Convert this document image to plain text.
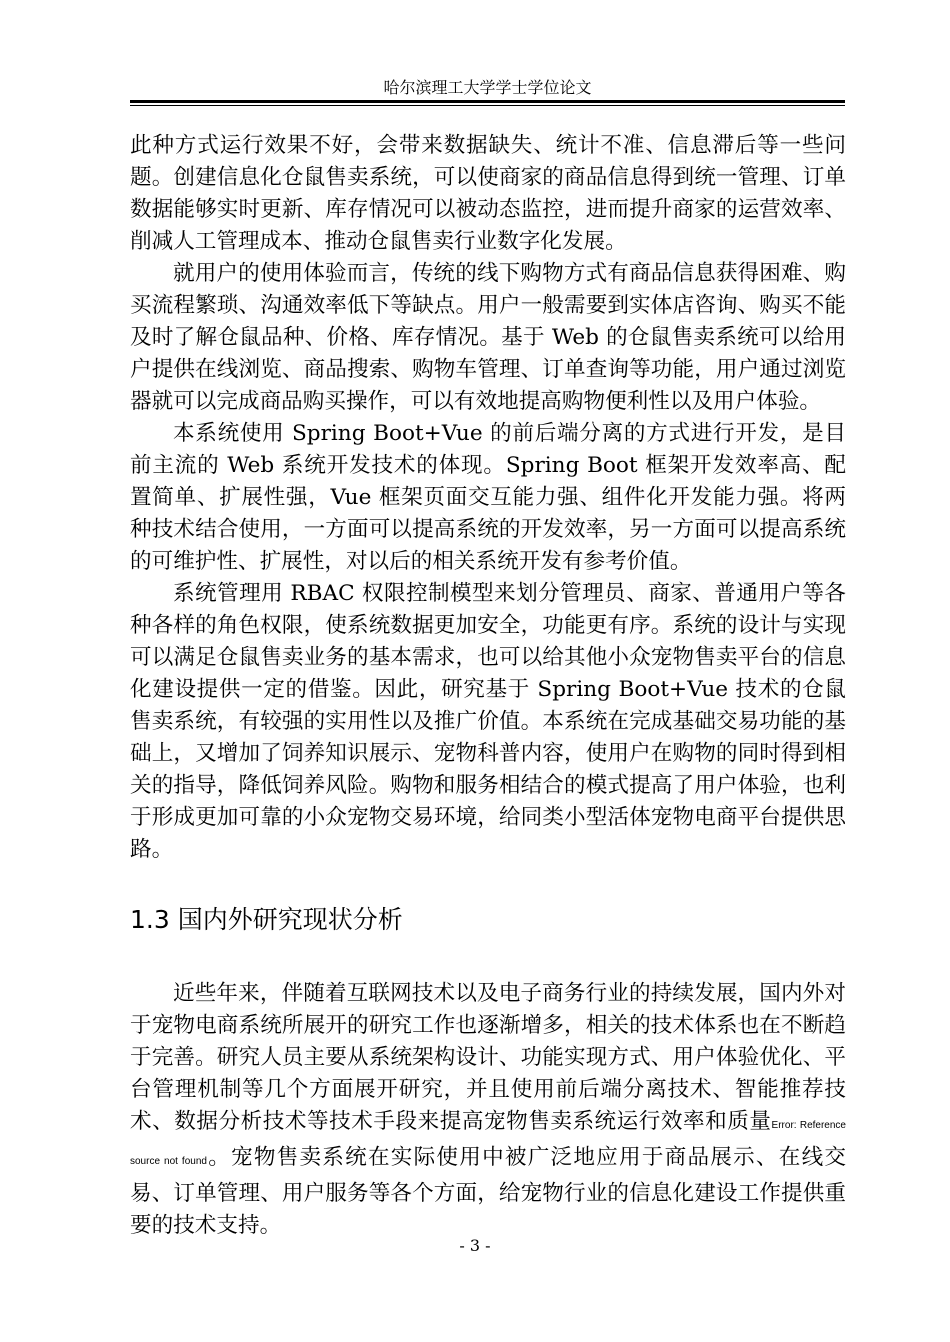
哈尔滨理工大学学士学位论文

此种方式运行效果不好，会带来数据缺失、统计不准、信息滞后等一些问题。创建信息化仓鼠售卖系统，可以使商家的商品信息得到统一管理、订单数据能够实时更新、库存情况可以被动态监控，进而提升商家的运营效率、削减人工管理成本、推动仓鼠售卖行业数字化发展。

就用户的使用体验而言，传统的线下购物方式有商品信息获得困难、购买流程繁琐、沟通效率低下等缺点。用户一般需要到实体店咨询、购买不能及时了解仓鼠品种、价格、库存情况。基于 Web 的仓鼠售卖系统可以给用户提供在线浏览、商品搜索、购物车管理、订单查询等功能，用户通过浏览器就可以完成商品购买操作，可以有效地提高购物便利性以及用户体验。

本系统使用 Spring Boot+Vue 的前后端分离的方式进行开发，是目前主流的 Web 系统开发技术的体现。Spring Boot 框架开发效率高、配置简单、扩展性强，Vue 框架页面交互能力强、组件化开发能力强。将两种技术结合使用，一方面可以提高系统的开发效率，另一方面可以提高系统的可维护性、扩展性，对以后的相关系统开发有参考价值。

系统管理用 RBAC 权限控制模型来划分管理员、商家、普通用户等各种各样的角色权限，使系统数据更加安全，功能更有序。系统的设计与实现可以满足仓鼠售卖业务的基本需求，也可以给其他小众宠物售卖平台的信息化建设提供一定的借鉴。因此，研究基于 Spring Boot+Vue 技术的仓鼠售卖系统，有较强的实用性以及推广价值。本系统在完成基础交易功能的基础上，又增加了饲养知识展示、宠物科普内容，使用户在购物的同时得到相关的指导，降低饲养风险。购物和服务相结合的模式提高了用户体验，也利于形成更加可靠的小众宠物交易环境，给同类小型活体宠物电商平台提供思路。

1.3 国内外研究现状分析

近些年来，伴随着互联网技术以及电子商务行业的持续发展，国内外对于宠物电商系统所展开的研究工作也逐渐增多，相关的技术体系也在不断趋于完善。研究人员主要从系统架构设计、功能实现方式、用户体验优化、平台管理机制等几个方面展开研究，并且使用前后端分离技术、智能推荐技术、数据分析技术等技术手段来提高宠物售卖系统运行效率和质量Error: Reference source not found。宠物售卖系统在实际使用中被广泛地应用于商品展示、在线交易、订单管理、用户服务等各个方面，给宠物行业的信息化建设工作提供重要的技术支持。

- 3 -
